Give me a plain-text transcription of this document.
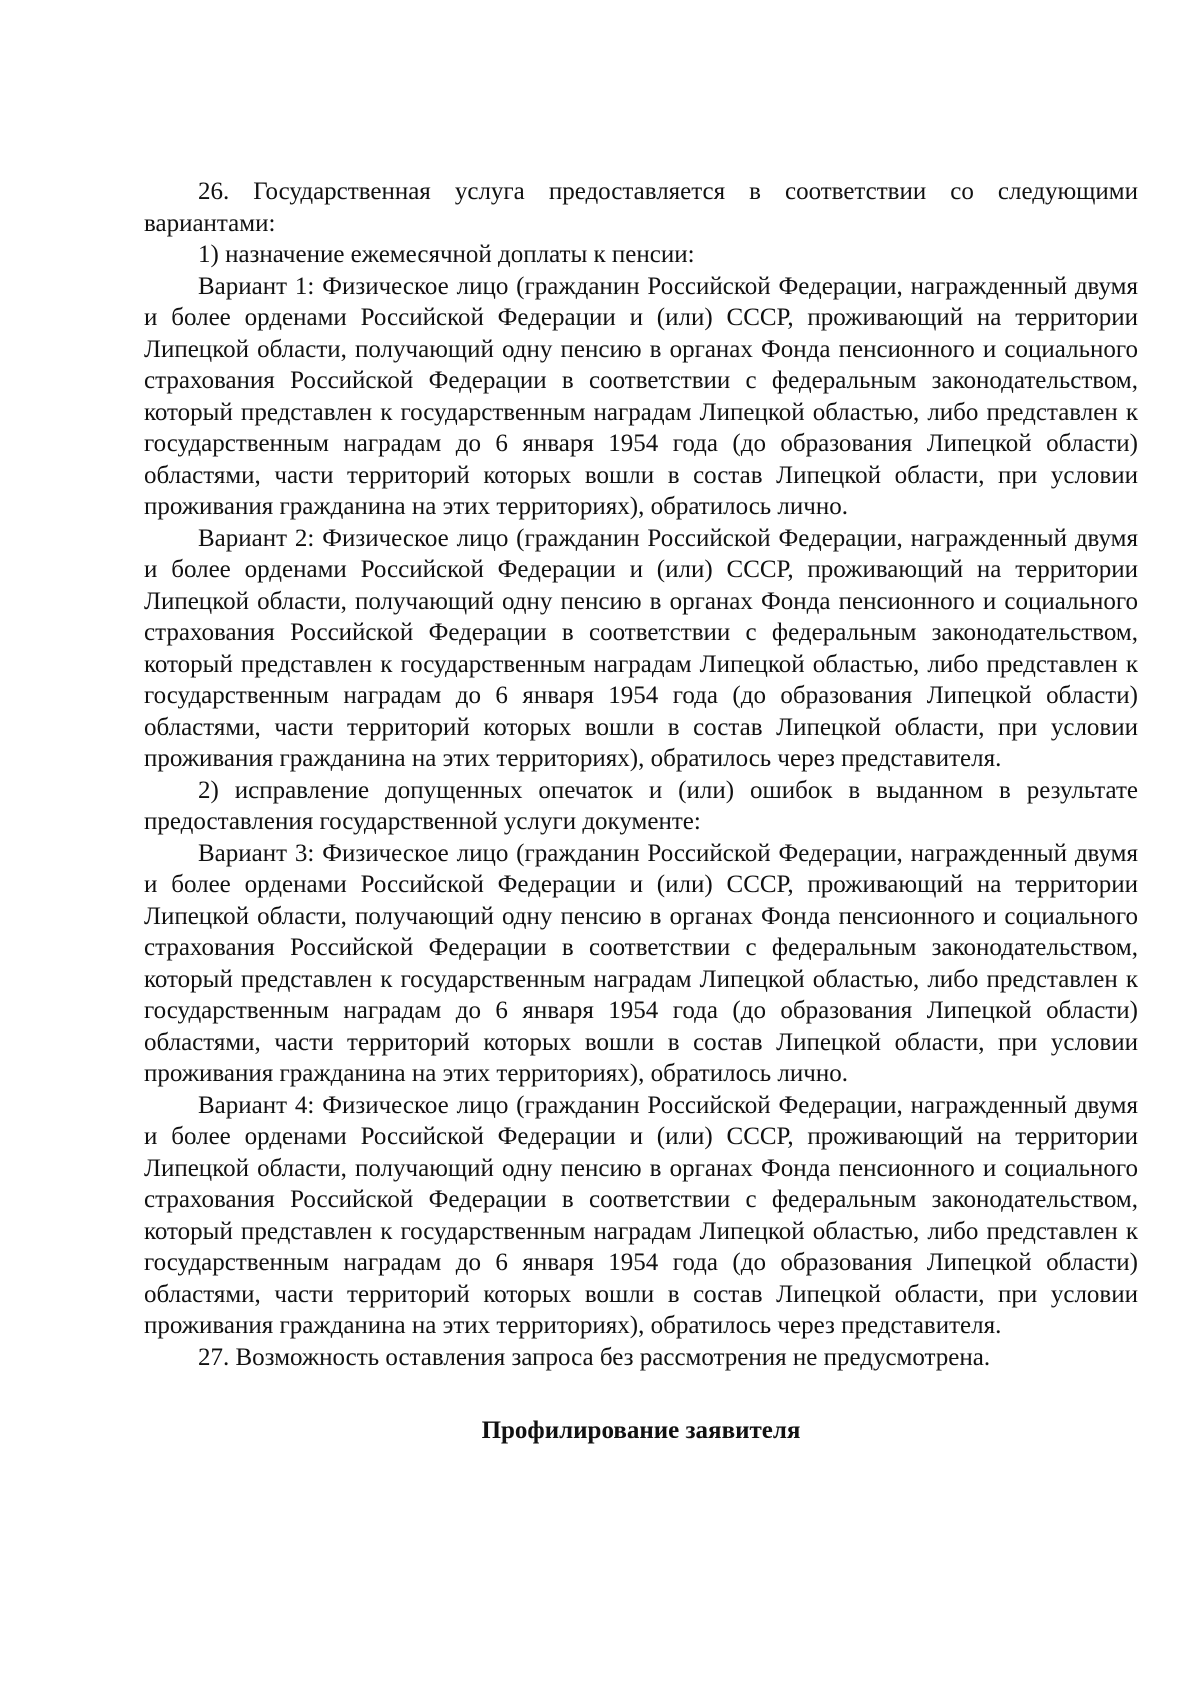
26. Государственная услуга предоставляется в соответствии со следующими вариантами:

1) назначение ежемесячной доплаты к пенсии:

Вариант 1: Физическое лицо (гражданин Российской Федерации, награжденный двумя и более орденами Российской Федерации и (или) СССР, проживающий на территории Липецкой области, получающий одну пенсию в органах Фонда пенсионного и социального страхования Российской Федерации в соответствии с федеральным законодательством, который представлен к государственным наградам Липецкой областью, либо представлен к государственным наградам до 6 января 1954 года (до образования Липецкой области) областями, части территорий которых вошли в состав Липецкой области, при условии проживания гражданина на этих территориях), обратилось лично.

Вариант 2: Физическое лицо (гражданин Российской Федерации, награжденный двумя и более орденами Российской Федерации и (или) СССР, проживающий на территории Липецкой области, получающий одну пенсию в органах Фонда пенсионного и социального страхования Российской Федерации в соответствии с федеральным законодательством, который представлен к государственным наградам Липецкой областью, либо представлен к государственным наградам до 6 января 1954 года (до образования Липецкой области) областями, части территорий которых вошли в состав Липецкой области, при условии проживания гражданина на этих территориях), обратилось через представителя.

2) исправление допущенных опечаток и (или) ошибок в выданном в результате предоставления государственной услуги документе:

Вариант 3: Физическое лицо (гражданин Российской Федерации, награжденный двумя и более орденами Российской Федерации и (или) СССР, проживающий на территории Липецкой области, получающий одну пенсию в органах Фонда пенсионного и социального страхования Российской Федерации в соответствии с федеральным законодательством, который представлен к государственным наградам Липецкой областью, либо представлен к государственным наградам до 6 января 1954 года (до образования Липецкой области) областями, части территорий которых вошли в состав Липецкой области, при условии проживания гражданина на этих территориях), обратилось лично.

Вариант 4: Физическое лицо (гражданин Российской Федерации, награжденный двумя и более орденами Российской Федерации и (или) СССР, проживающий на территории Липецкой области, получающий одну пенсию в органах Фонда пенсионного и социального страхования Российской Федерации в соответствии с федеральным законодательством, который представлен к государственным наградам Липецкой областью, либо представлен к государственным наградам до 6 января 1954 года (до образования Липецкой области) областями, части территорий которых вошли в состав Липецкой области, при условии проживания гражданина на этих территориях), обратилось через представителя.

27. Возможность оставления запроса без рассмотрения не предусмотрена.

Профилирование заявителя
